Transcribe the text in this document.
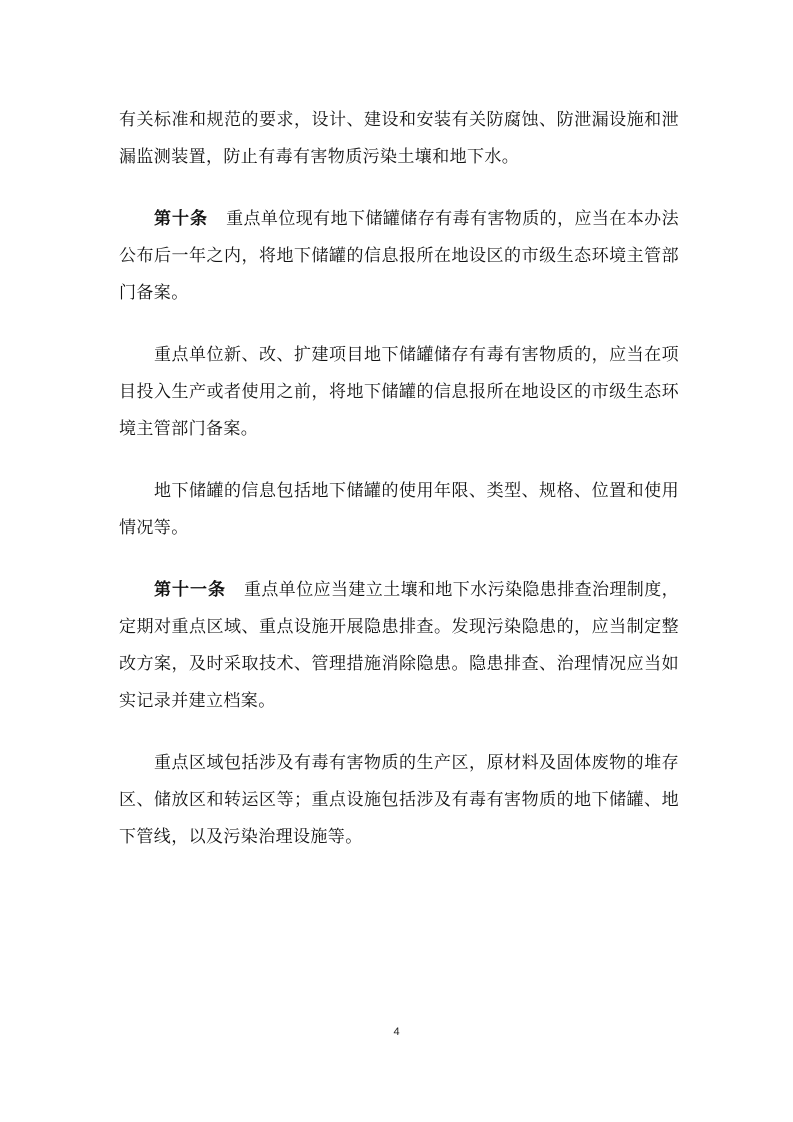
有关标准和规范的要求，设计、建设和安装有关防腐蚀、防泄漏设施和泄漏监测装置，防止有毒有害物质污染土壤和地下水。

第十条 重点单位现有地下储罐储存有毒有害物质的，应当在本办法公布后一年之内，将地下储罐的信息报所在地设区的市级生态环境主管部门备案。

重点单位新、改、扩建项目地下储罐储存有毒有害物质的，应当在项目投入生产或者使用之前，将地下储罐的信息报所在地设区的市级生态环境主管部门备案。

地下储罐的信息包括地下储罐的使用年限、类型、规格、位置和使用情况等。

第十一条 重点单位应当建立土壤和地下水污染隐患排查治理制度，定期对重点区域、重点设施开展隐患排查。发现污染隐患的，应当制定整改方案，及时采取技术、管理措施消除隐患。隐患排查、治理情况应当如实记录并建立档案。

重点区域包括涉及有毒有害物质的生产区，原材料及固体废物的堆存区、储放区和转运区等；重点设施包括涉及有毒有害物质的地下储罐、地下管线，以及污染治理设施等。

4
